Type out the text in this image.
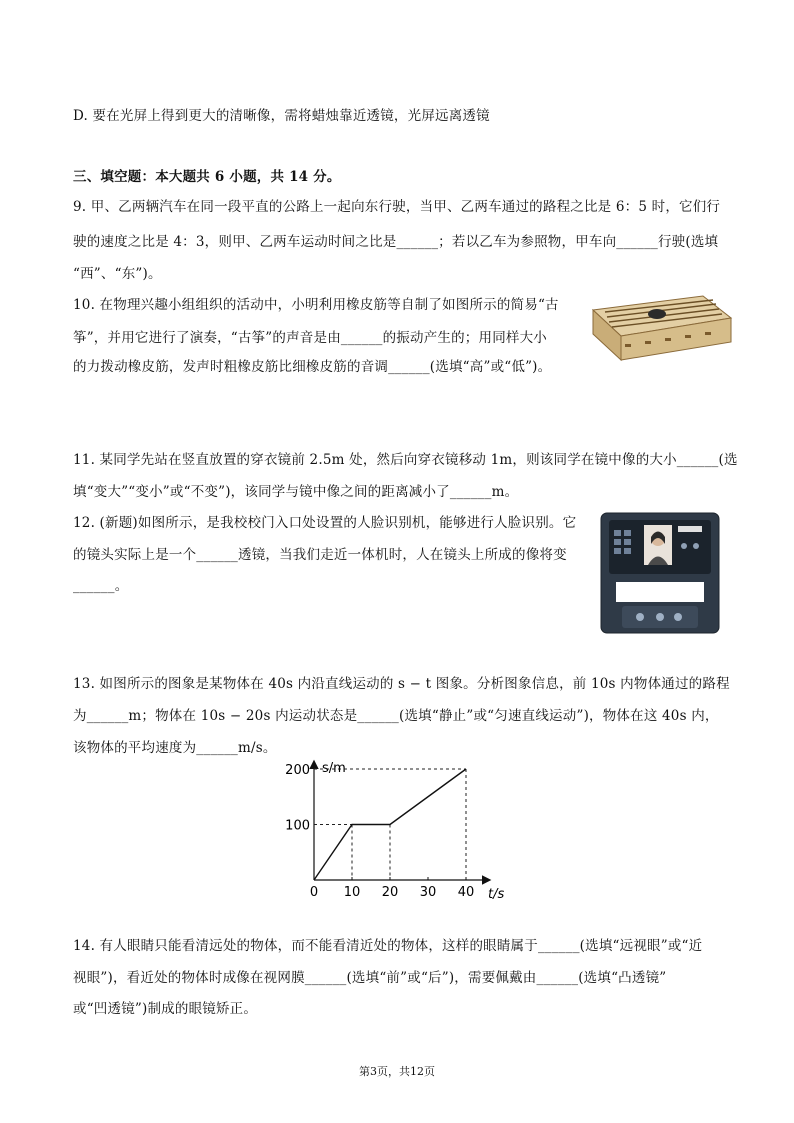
D. 要在光屏上得到更大的清晰像，需将蜡烛靠近透镜，光屏远离透镜
三、填空题：本大题共 6 小题，共 14 分。
9. 甲、乙两辆汽车在同一段平直的公路上一起向东行驶，当甲、乙两车通过的路程之比是 6：5 时，它们行
驶的速度之比是 4：3，则甲、乙两车运动时间之比是______；若以乙车为参照物，甲车向______行驶(选填
“西”、“东”)。
10. 在物理兴趣小组组织的活动中，小明利用橡皮筋等自制了如图所示的简易“古
筝”，并用它进行了演奏，“古筝”的声音是由______的振动产生的；用同样大小
的力拨动橡皮筋，发声时粗橡皮筋比细橡皮筋的音调______(选填“高”或“低”)。
11. 某同学先站在竖直放置的穿衣镜前 2.5m 处，然后向穿衣镜移动 1m，则该同学在镜中像的大小______(选
填“变大”“变小”或“不变”)，该同学与镜中像之间的距离减小了______m。
12. (新题)如图所示，是我校校门入口处设置的人脸识别机，能够进行人脸识别。它
的镜头实际上是一个______透镜，当我们走近一体机时，人在镜头上所成的像将变
______。
13. 如图所示的图象是某物体在 40s 内沿直线运动的 s − t 图象。分析图象信息，前 10s 内物体通过的路程
为______m；物体在 10s − 20s 内运动状态是______(选填“静止”或“匀速直线运动”)，物体在这 40s 内，
该物体的平均速度为______m/s。
14. 有人眼睛只能看清远处的物体，而不能看清近处的物体，这样的眼睛属于______(选填“远视眼”或“近
视眼”)，看近处的物体时成像在视网膜______(选填“前”或“后”)，需要佩戴由______(选填“凸透镜”
或“凹透镜”)制成的眼镜矫正。
s/m
t/s
0 10 20 30 40
100
200
第3页，共12页
